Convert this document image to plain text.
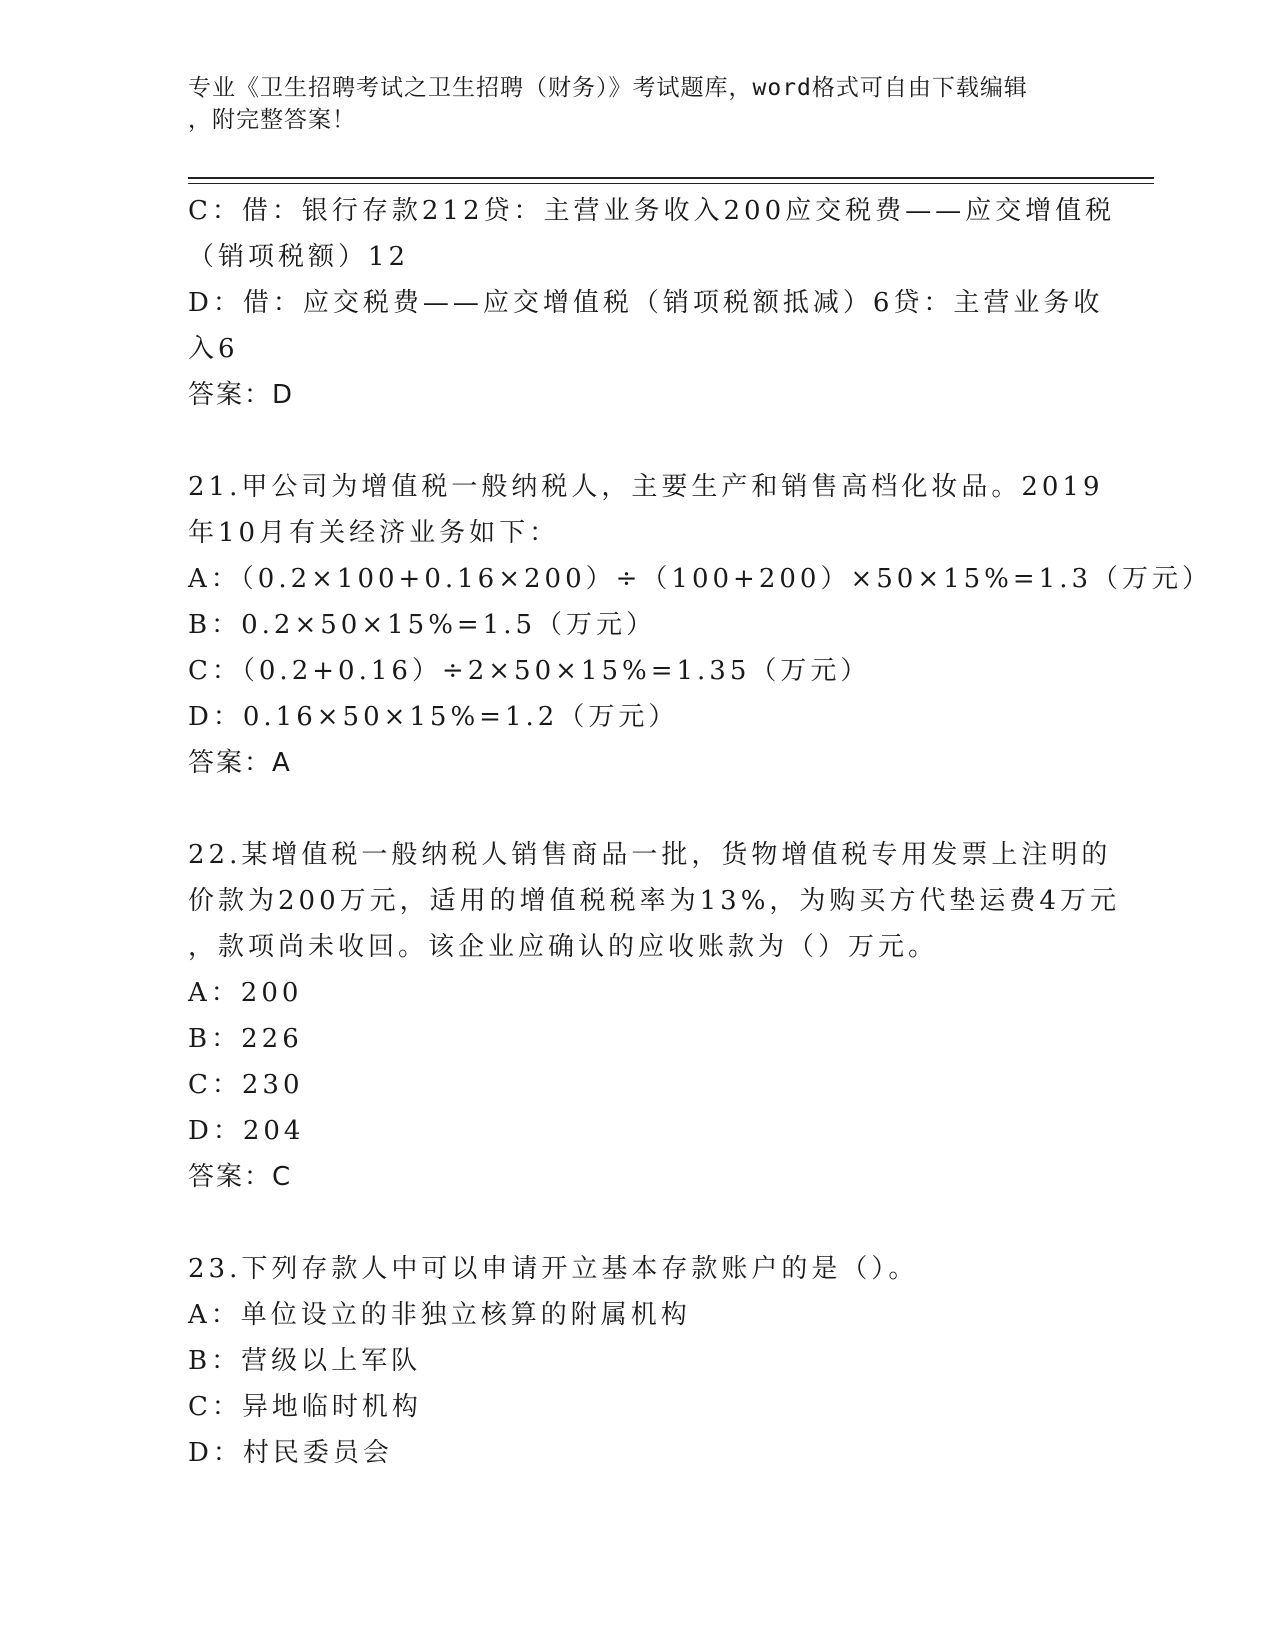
专业《卫生招聘考试之卫生招聘（财务）》考试题库，word格式可自由下载编辑
，附完整答案！
C：借：银行存款212贷：主营业务收入200应交税费——应交增值税
（销项税额）12
D：借：应交税费——应交增值税（销项税额抵减）6贷：主营业务收
入6
答案：D
21.甲公司为增值税一般纳税人，主要生产和销售高档化妆品。2019
年10月有关经济业务如下：
A：（0.2×100+0.16×200）÷（100+200）×50×15%=1.3（万元）
B：0.2×50×15%=1.5（万元）
C：（0.2+0.16）÷2×50×15%=1.35（万元）
D：0.16×50×15%=1.2（万元）
答案：A
22.某增值税一般纳税人销售商品一批，货物增值税专用发票上注明的
价款为200万元，适用的增值税税率为13%，为购买方代垫运费4万元
，款项尚未收回。该企业应确认的应收账款为（）万元。
A：200
B：226
C：230
D：204
答案：C
23.下列存款人中可以申请开立基本存款账户的是（）。
A：单位设立的非独立核算的附属机构
B：营级以上军队
C：异地临时机构
D：村民委员会
